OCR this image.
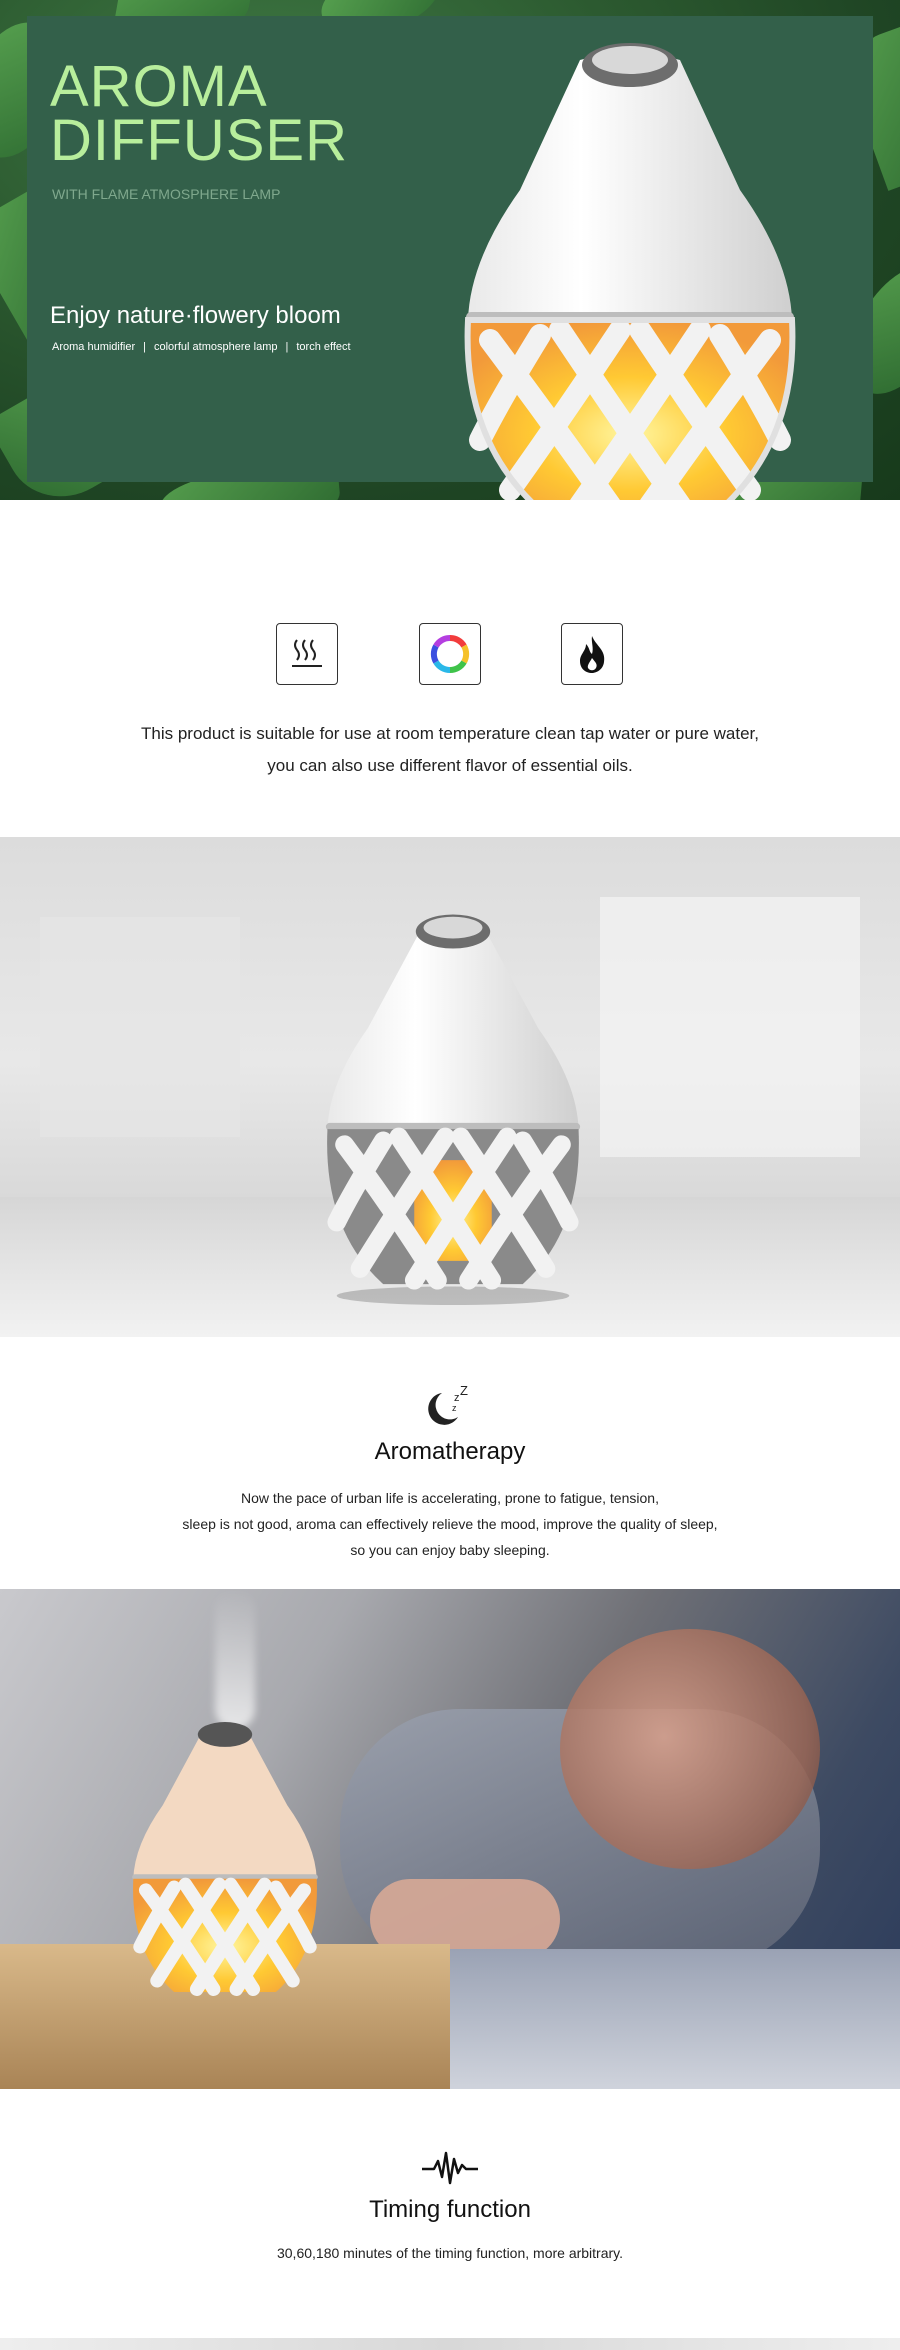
AROMA
DIFFUSER
WITH FLAME ATMOSPHERE LAMP
Enjoy nature·flowery bloom
Aroma humidifier | colorful atmosphere lamp | torch effect
This product is suitable for use at room temperature clean tap water or pure water,
you can also use different flavor of essential oils.
z Z
z
Aromatherapy
Now the pace of urban life is accelerating, prone to fatigue, tension,
sleep is not good, aroma can effectively relieve the mood, improve the quality of sleep,
so you can enjoy baby sleeping.
Timing function
30,60,180 minutes of the timing function, more arbitrary.
